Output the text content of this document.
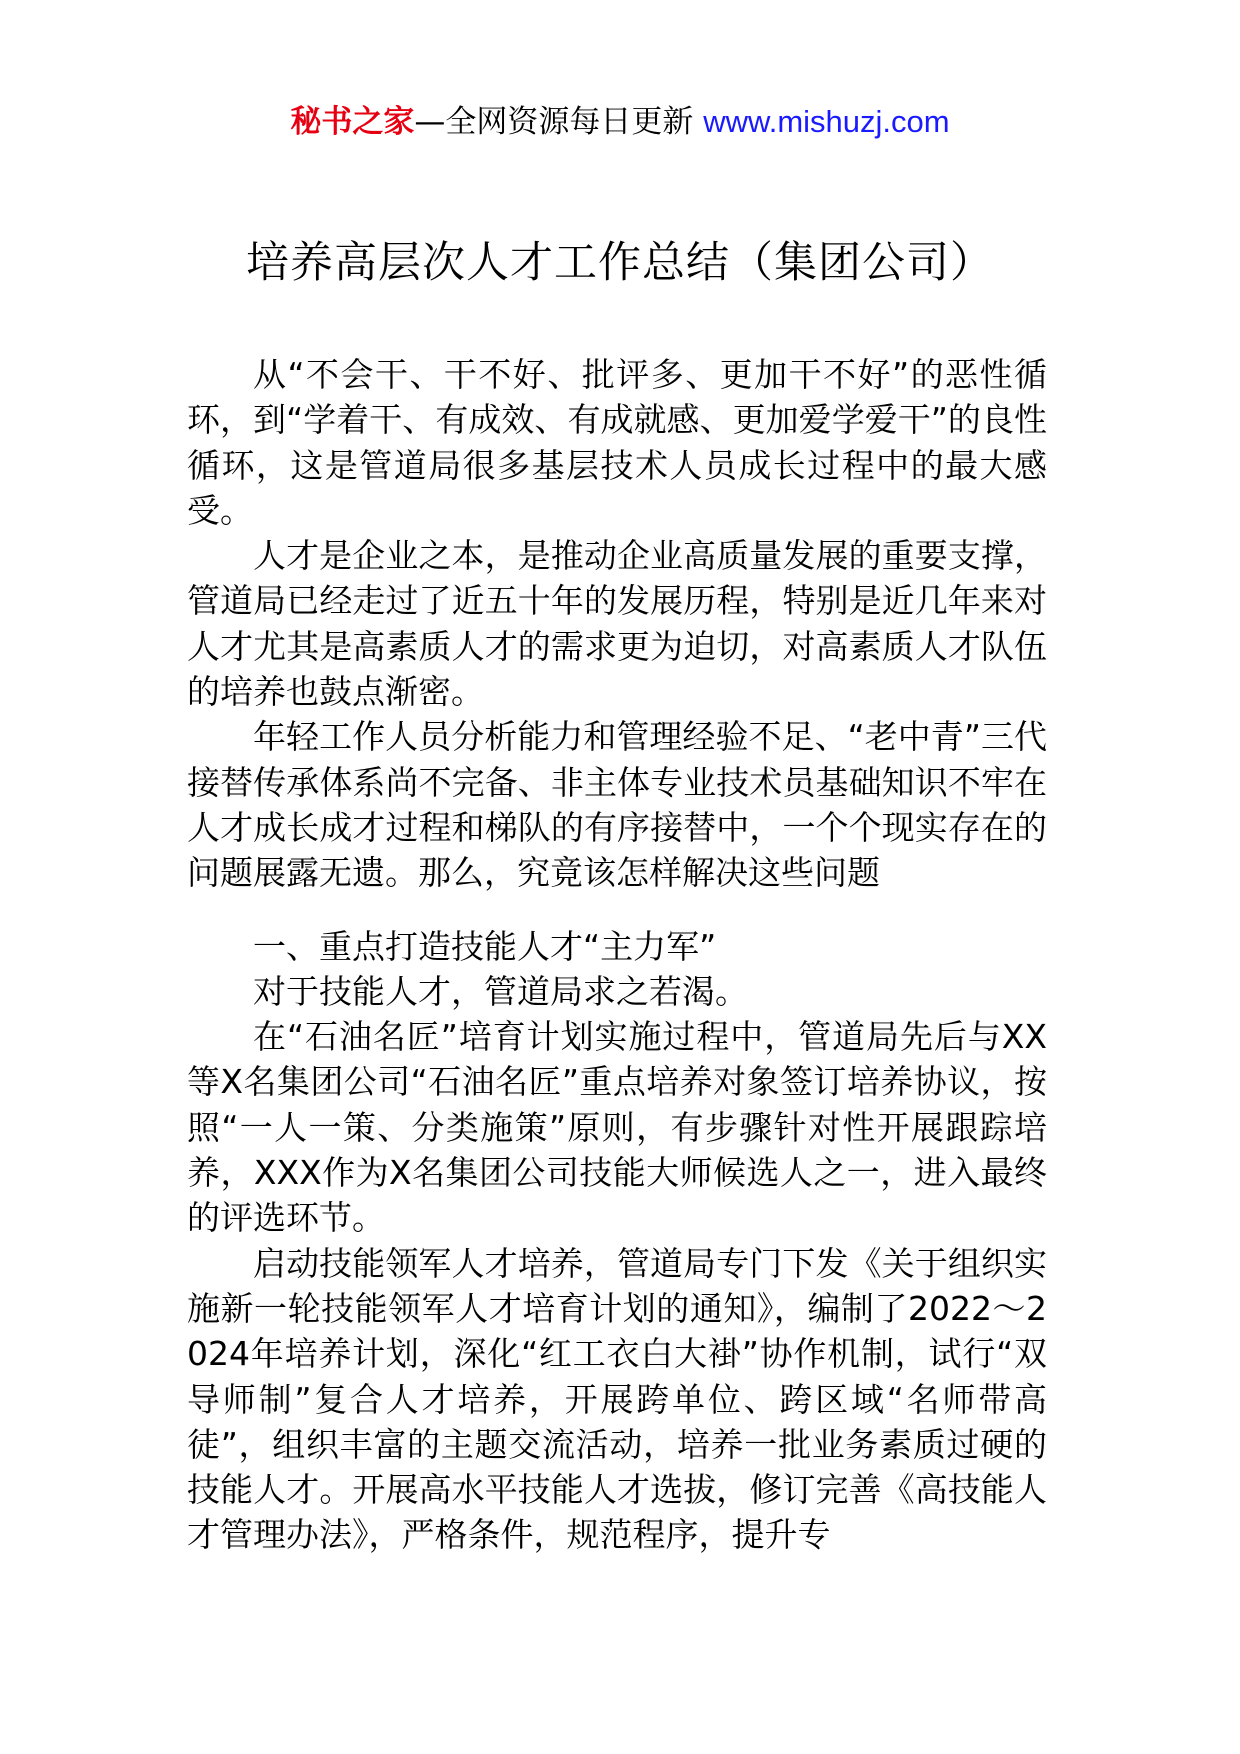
秘书之家—全网资源每日更新 www.mishuzj.com
培养高层次人才工作总结（集团公司）

从“不会干、干不好、批评多、更加干不好”的恶性循环，到“学着干、有成效、有成就感、更加爱学爱干”的良性循环，这是管道局很多基层技术人员成长过程中的最大感受。

人才是企业之本，是推动企业高质量发展的重要支撑，管道局已经走过了近五十年的发展历程，特别是近几年来对人才尤其是高素质人才的需求更为迫切，对高素质人才队伍的培养也鼓点渐密。

年轻工作人员分析能力和管理经验不足、“老中青”三代接替传承体系尚不完备、非主体专业技术员基础知识不牢在人才成长成才过程和梯队的有序接替中，一个个现实存在的问题展露无遗。那么，究竟该怎样解决这些问题

一、重点打造技能人才“主力军”

对于技能人才，管道局求之若渴。

在“石油名匠”培育计划实施过程中，管道局先后与XX等X名集团公司“石油名匠”重点培养对象签订培养协议，按照“一人一策、分类施策”原则，有步骤针对性开展跟踪培养，XXX作为X名集团公司技能大师候选人之一，进入最终的评选环节。

启动技能领军人才培养，管道局专门下发《关于组织实施新一轮技能领军人才培育计划的通知》，编制了2022～2024年培养计划，深化“红工衣白大褂”协作机制，试行“双导师制”复合人才培养，开展跨单位、跨区域“名师带高徒”，组织丰富的主题交流活动，培养一批业务素质过硬的技能人才。开展高水平技能人才选拔，修订完善《高技能人才管理办法》，严格条件，规范程序，提升专
